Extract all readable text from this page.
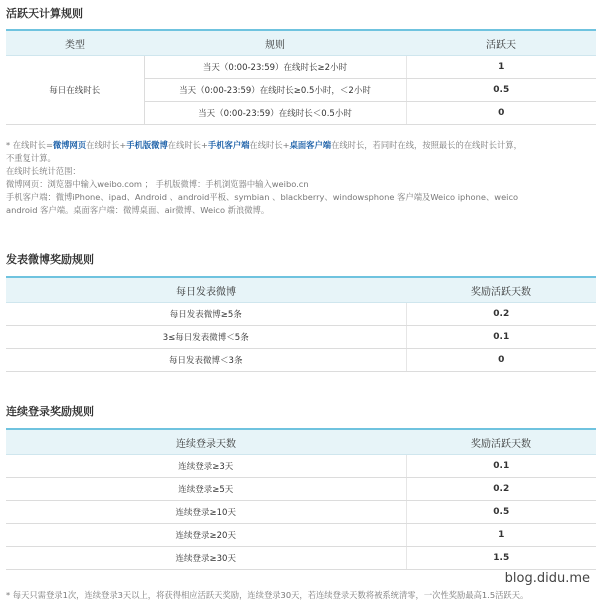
活跃天计算规则
类型	规则	活跃天
每日在线时长	当天（0:00-23:59）在线时长≥2小时	1
	当天（0:00-23:59）在线时长≥0.5小时，＜2小时	0.5
	当天（0:00-23:59）在线时长＜0.5小时	0
* 在线时长=微博网页在线时长+手机版微博在线时长+手机客户端在线时长+桌面客户端在线时长，若同时在线，按照最长的在线时长计算，
不重复计算。
在线时长统计范围：
微博网页：浏览器中输入weibo.com ； 手机版微博：手机浏览器中输入weibo.cn
手机客户端：微博iPhone、ipad、Android 、android平板、symbian 、blackberry、windowsphone 客户端及Weico iphone、weico
android 客户端。桌面客户端：微博桌面、air微博、Weico 新浪微博。
发表微博奖励规则
每日发表微博	奖励活跃天数
每日发表微博≥5条	0.2
3≤每日发表微博＜5条	0.1
每日发表微博＜3条	0
连续登录奖励规则
连续登录天数	奖励活跃天数
连续登录≥3天	0.1
连续登录≥5天	0.2
连续登录≥10天	0.5
连续登录≥20天	1
连续登录≥30天	1.5
blog.didu.me
* 每天只需登录1次，连续登录3天以上，将获得相应活跃天奖励，连续登录30天，若连续登录天数将被系统清零，一次性奖励最高1.5活跃天。
